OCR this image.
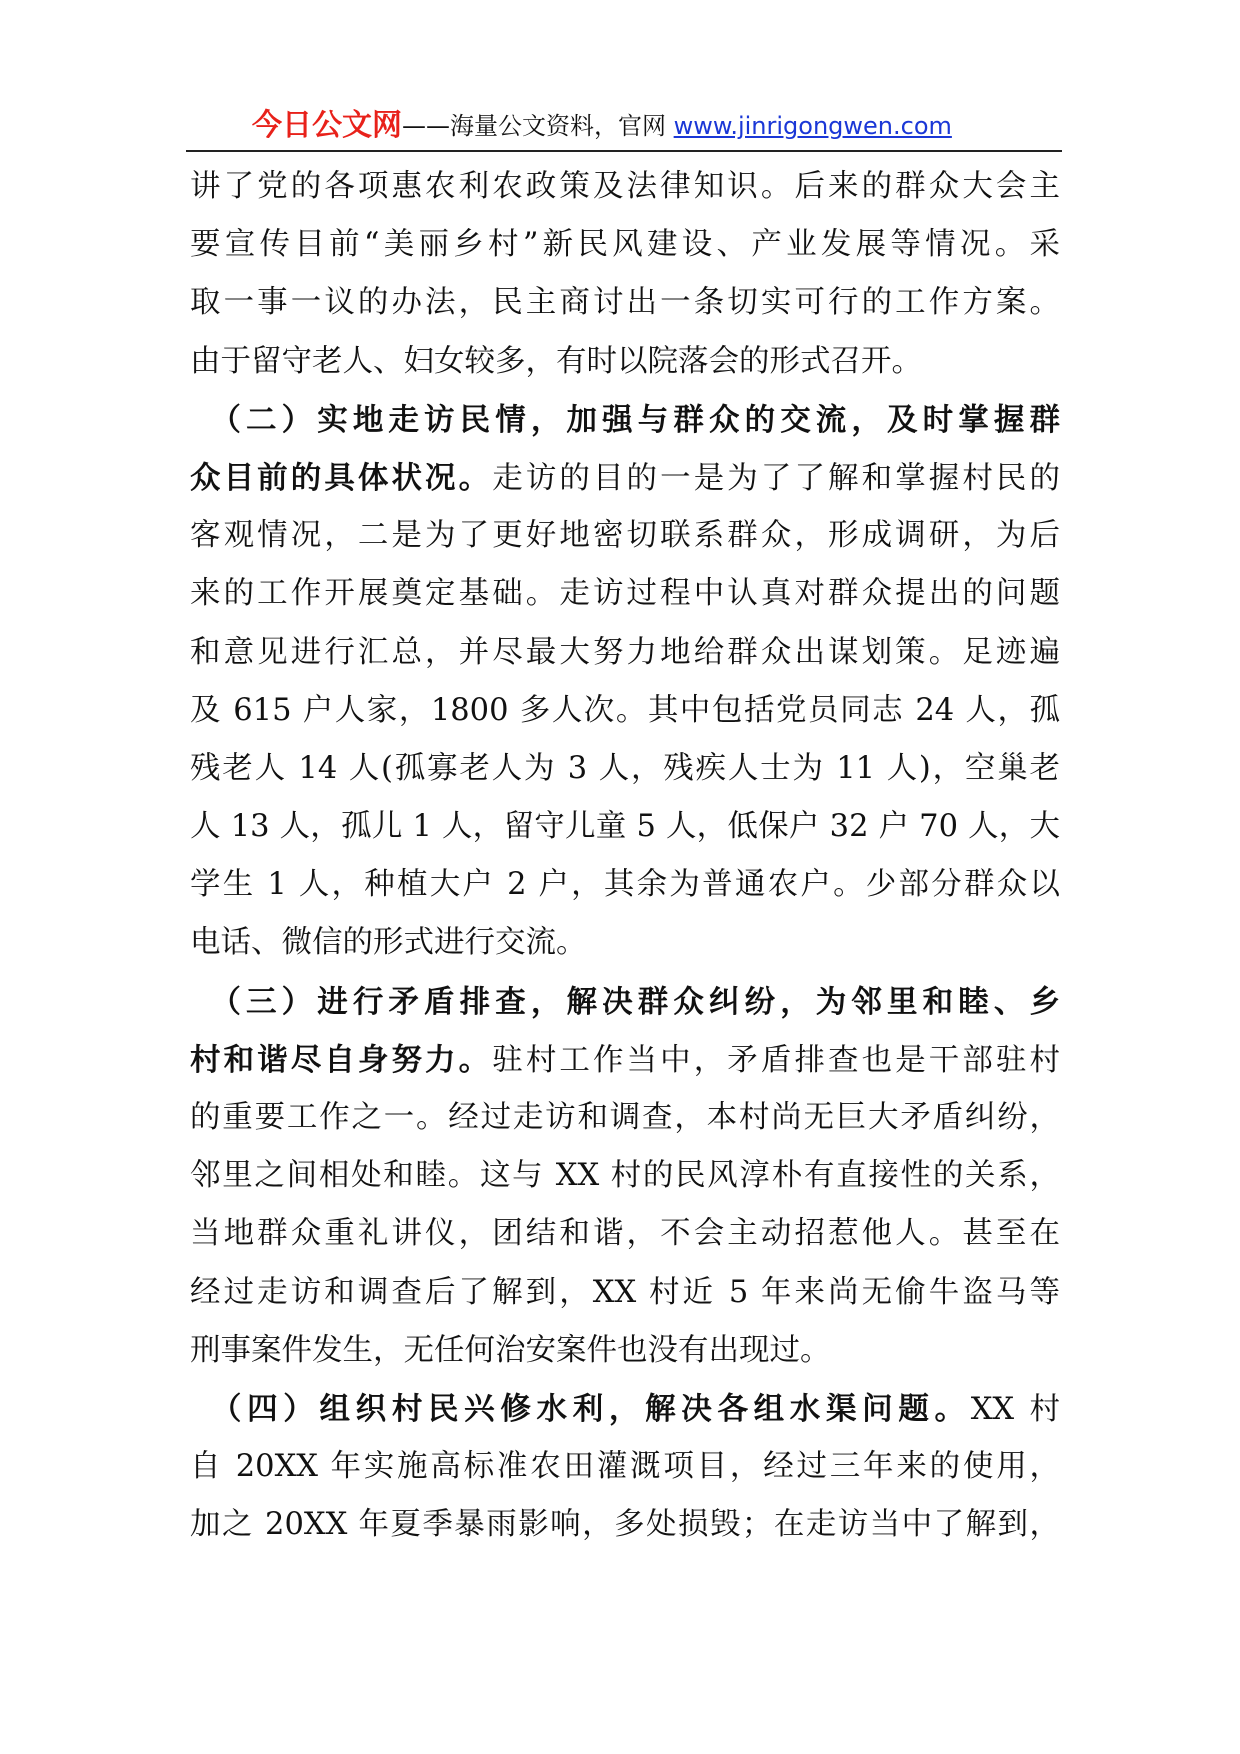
今日公文网——海量公文资料，官网 www.jinrigongwen.com
讲了党的各项惠农利农政策及法律知识。后来的群众大会主
要宣传目前“美丽乡村”新民风建设、产业发展等情况。采
取一事一议的办法，民主商讨出一条切实可行的工作方案。
由于留守老人、妇女较多，有时以院落会的形式召开。
　（二）实地走访民情，加强与群众的交流，及时掌握群
众目前的具体状况。走访的目的一是为了了解和掌握村民的
客观情况，二是为了更好地密切联系群众，形成调研，为后
来的工作开展奠定基础。走访过程中认真对群众提出的问题
和意见进行汇总，并尽最大努力地给群众出谋划策。足迹遍
及 615 户人家，1800 多人次。其中包括党员同志 24 人，孤
残老人 14 人(孤寡老人为 3 人，残疾人士为 11 人)，空巢老
人 13 人，孤儿 1 人，留守儿童 5 人，低保户 32 户 70 人，大
学生 1 人，种植大户 2 户，其余为普通农户。少部分群众以
电话、微信的形式进行交流。
　（三）进行矛盾排查，解决群众纠纷，为邻里和睦、乡
村和谐尽自身努力。驻村工作当中，矛盾排查也是干部驻村
的重要工作之一。经过走访和调查，本村尚无巨大矛盾纠纷，
邻里之间相处和睦。这与 XX 村的民风淳朴有直接性的关系，
当地群众重礼讲仪，团结和谐，不会主动招惹他人。甚至在
经过走访和调查后了解到，XX 村近 5 年来尚无偷牛盗马等
刑事案件发生，无任何治安案件也没有出现过。
　（四）组织村民兴修水利，解决各组水渠问题。XX 村
自 20XX 年实施高标准农田灌溉项目，经过三年来的使用，
加之 20XX 年夏季暴雨影响，多处损毁；在走访当中了解到，
